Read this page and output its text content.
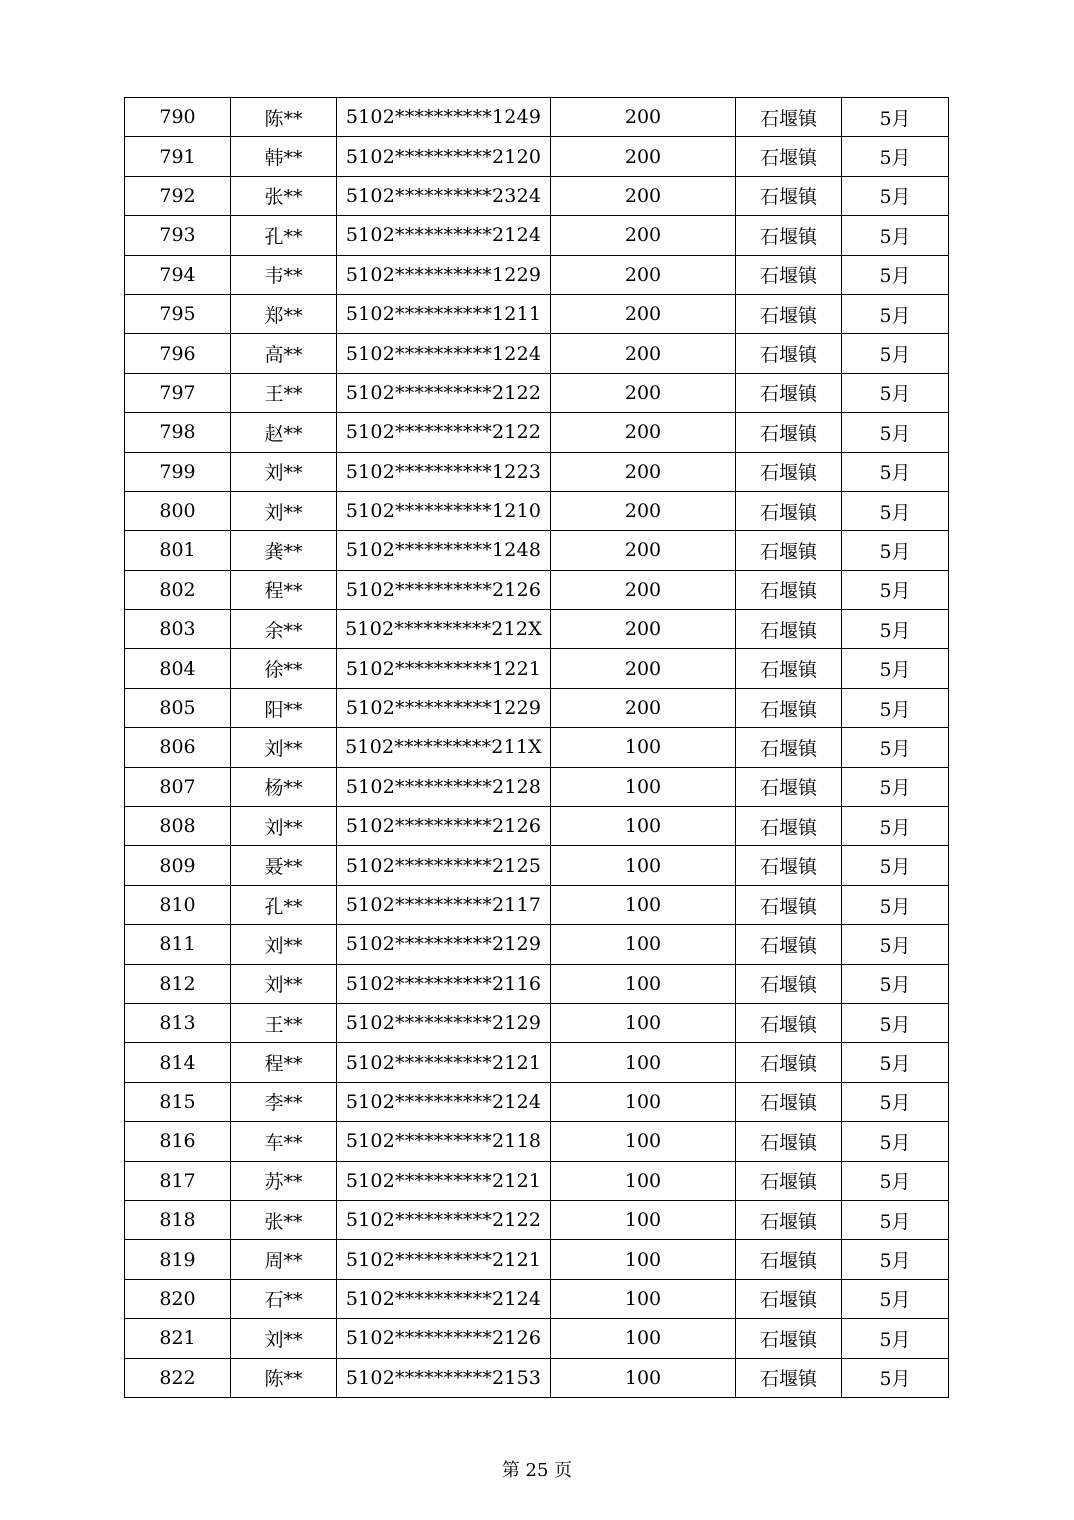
790	陈**	5102**********1249	200	石堰镇	5月
791	韩**	5102**********2120	200	石堰镇	5月
792	张**	5102**********2324	200	石堰镇	5月
793	孔**	5102**********2124	200	石堰镇	5月
794	韦**	5102**********1229	200	石堰镇	5月
795	郑**	5102**********1211	200	石堰镇	5月
796	高**	5102**********1224	200	石堰镇	5月
797	王**	5102**********2122	200	石堰镇	5月
798	赵**	5102**********2122	200	石堰镇	5月
799	刘**	5102**********1223	200	石堰镇	5月
800	刘**	5102**********1210	200	石堰镇	5月
801	龚**	5102**********1248	200	石堰镇	5月
802	程**	5102**********2126	200	石堰镇	5月
803	余**	5102**********212X	200	石堰镇	5月
804	徐**	5102**********1221	200	石堰镇	5月
805	阳**	5102**********1229	200	石堰镇	5月
806	刘**	5102**********211X	100	石堰镇	5月
807	杨**	5102**********2128	100	石堰镇	5月
808	刘**	5102**********2126	100	石堰镇	5月
809	聂**	5102**********2125	100	石堰镇	5月
810	孔**	5102**********2117	100	石堰镇	5月
811	刘**	5102**********2129	100	石堰镇	5月
812	刘**	5102**********2116	100	石堰镇	5月
813	王**	5102**********2129	100	石堰镇	5月
814	程**	5102**********2121	100	石堰镇	5月
815	李**	5102**********2124	100	石堰镇	5月
816	车**	5102**********2118	100	石堰镇	5月
817	苏**	5102**********2121	100	石堰镇	5月
818	张**	5102**********2122	100	石堰镇	5月
819	周**	5102**********2121	100	石堰镇	5月
820	石**	5102**********2124	100	石堰镇	5月
821	刘**	5102**********2126	100	石堰镇	5月
822	陈**	5102**********2153	100	石堰镇	5月
第 25 页
